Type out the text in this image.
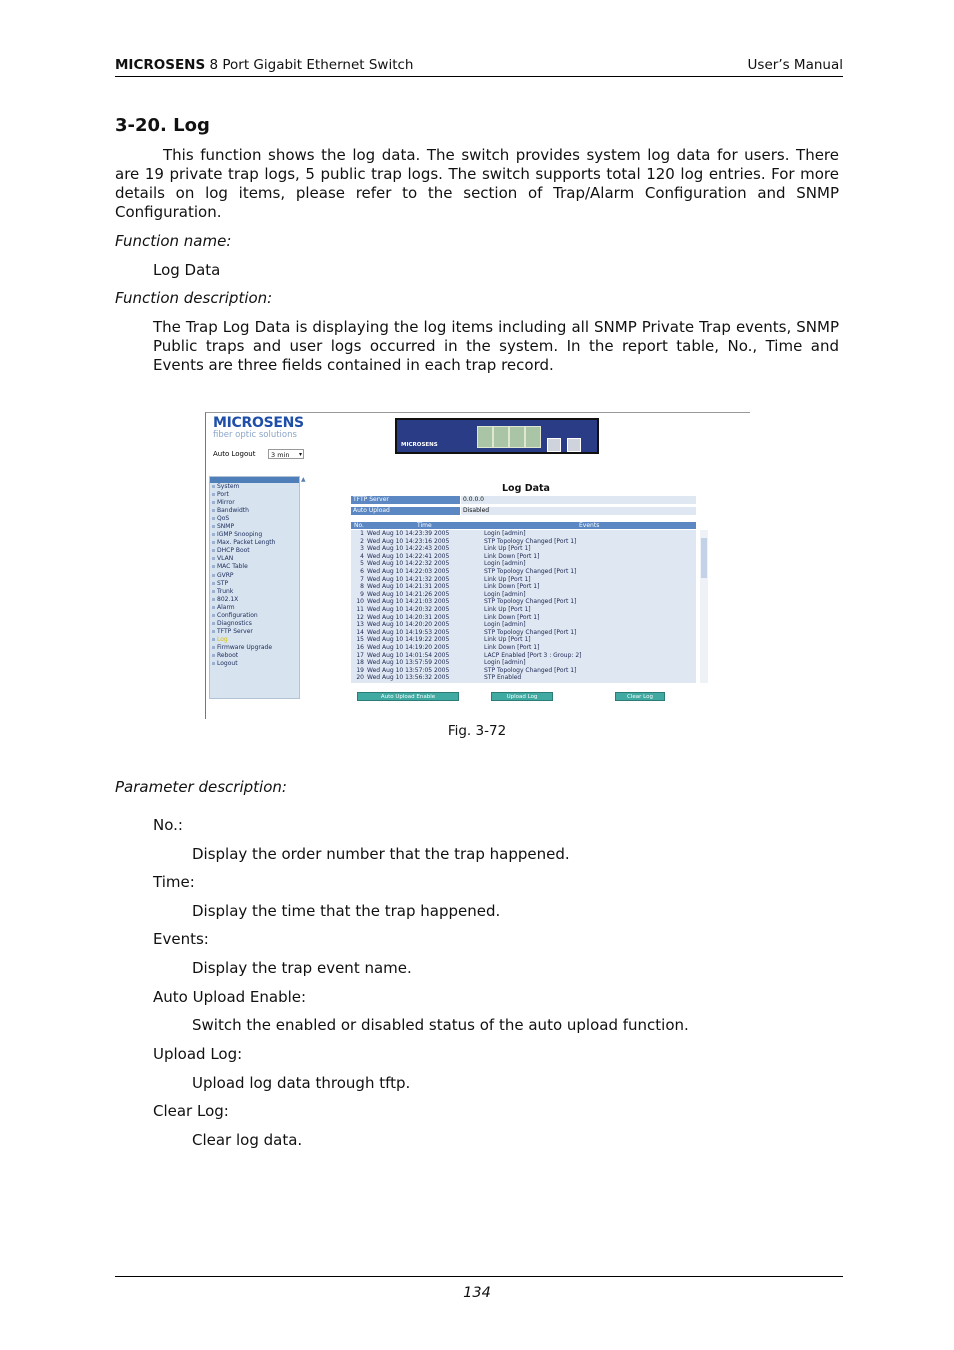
MICROSENS 8 Port Gigabit Ethernet Switch	User’s Manual
3-20. Log
This function shows the log data. The switch provides system log data for users. There are 19 private trap logs, 5 public trap logs. The switch supports total 120 log entries. For more details on log items, please refer to the section of Trap/Alarm Configuration and SNMP Configuration.
Function name:
Log Data
Function description:
The Trap Log Data is displaying the log items including all SNMP Private Trap events, SNMP Public traps and user logs occurred in the system. In the report table, No., Time and Events are three fields contained in each trap record.
MICROSENS
fiber optic solutions
Auto Logout	3 min ▾
MICROSENS
System
Port
Mirror
Bandwidth
QoS
SNMP
IGMP Snooping
Max. Packet Length
DHCP Boot
VLAN
MAC Table
GVRP
STP
Trunk
802.1X
Alarm
Configuration
Diagnostics
TFTP Server
Log
Firmware Upgrade
Reboot
Logout
▲
Log Data
TFTP Server	0.0.0.0
Auto Upload	Disabled
No.	Time	Events
1 Wed Aug 10 14:23:39 2005	Login [admin]
2 Wed Aug 10 14:23:16 2005	STP Topology Changed [Port 1]
3 Wed Aug 10 14:22:43 2005	Link Up [Port 1]
4 Wed Aug 10 14:22:41 2005	Link Down [Port 1]
5 Wed Aug 10 14:22:32 2005	Login [admin]
6 Wed Aug 10 14:22:03 2005	STP Topology Changed [Port 1]
7 Wed Aug 10 14:21:32 2005	Link Up [Port 1]
8 Wed Aug 10 14:21:31 2005	Link Down [Port 1]
9 Wed Aug 10 14:21:26 2005	Login [admin]
10 Wed Aug 10 14:21:03 2005	STP Topology Changed [Port 1]
11 Wed Aug 10 14:20:32 2005	Link Up [Port 1]
12 Wed Aug 10 14:20:31 2005	Link Down [Port 1]
13 Wed Aug 10 14:20:20 2005	Login [admin]
14 Wed Aug 10 14:19:53 2005	STP Topology Changed [Port 1]
15 Wed Aug 10 14:19:22 2005	Link Up [Port 1]
16 Wed Aug 10 14:19:20 2005	Link Down [Port 1]
17 Wed Aug 10 14:01:54 2005	LACP Enabled [Port 3 : Group: 2]
18 Wed Aug 10 13:57:59 2005	Login [admin]
19 Wed Aug 10 13:57:05 2005	STP Topology Changed [Port 1]
20 Wed Aug 10 13:56:32 2005	STP Enabled
Auto Upload Enable	Upload Log	Clear Log
Fig. 3-72
Parameter description:
No.:
Display the order number that the trap happened.
Time:
Display the time that the trap happened.
Events:
Display the trap event name.
Auto Upload Enable:
Switch the enabled or disabled status of the auto upload function.
Upload Log:
Upload log data through tftp.
Clear Log:
Clear log data.
134
